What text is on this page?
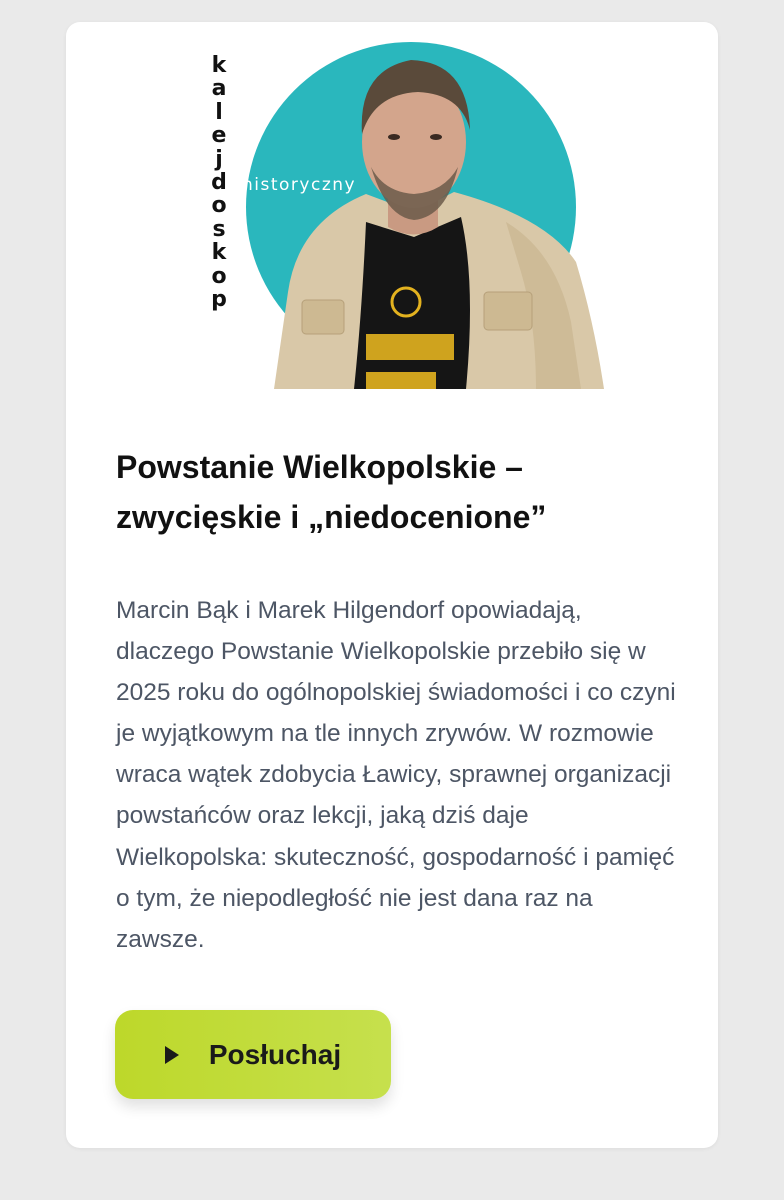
k
a
l
e
j
d
o
s
k
o
p
historyczny
Powstanie Wielkopolskie –
zwycięskie i „niedocenione”

Marcin Bąk i Marek Hilgendorf opowiadają, dlaczego Powstanie Wielkopolskie przebiło się w 2025 roku do ogólnopolskiej świadomości i co czyni je wyjątkowym na tle innych zrywów. W rozmowie wraca wątek zdobycia Ławicy, sprawnej organizacji powstańców oraz lekcji, jaką dziś daje Wielkopolska: skuteczność, gospodarność i pamięć o tym, że niepodległość nie jest dana raz na zawsze.

Posłuchaj
